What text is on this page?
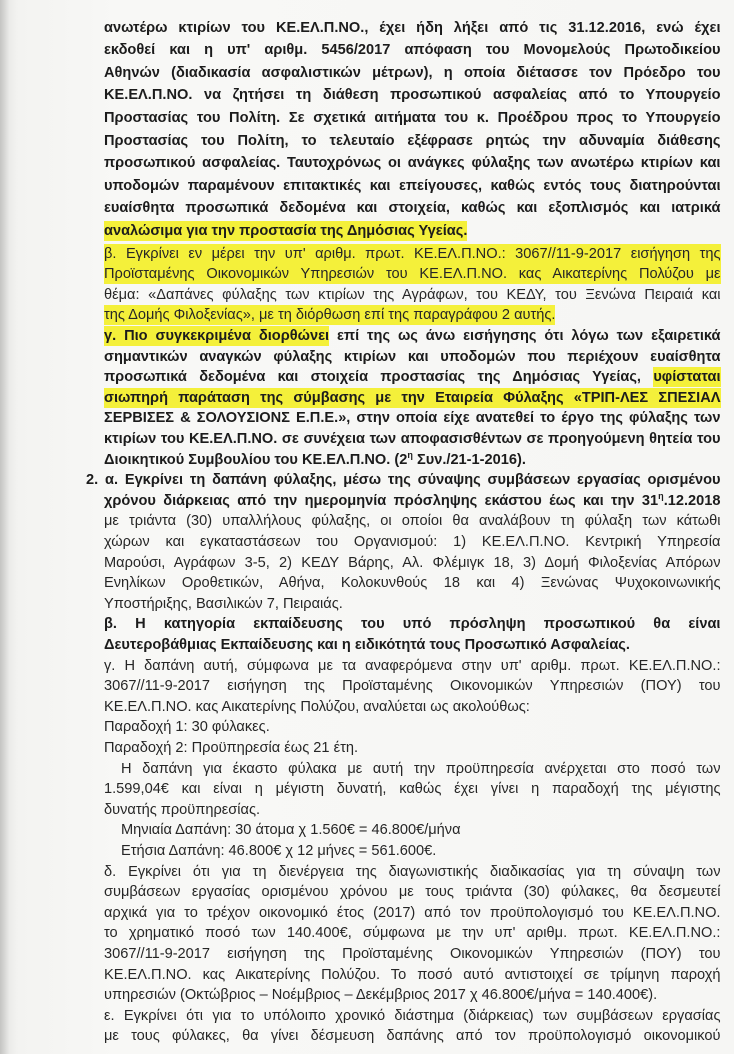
ανωτέρω κτιρίων του ΚΕ.ΕΛ.Π.ΝΟ., έχει ήδη λήξει από τις 31.12.2016, ενώ έχει
εκδοθεί και η υπ' αριθμ. 5456/2017 απόφαση του Μονομελούς Πρωτοδικείου
Αθηνών (διαδικασία ασφαλιστικών μέτρων), η οποία διέτασσε τον Πρόεδρο του
ΚΕ.ΕΛ.Π.ΝΟ. να ζητήσει τη διάθεση προσωπικού ασφαλείας από το Υπουργείο
Προστασίας του Πολίτη. Σε σχετικά αιτήματα του κ. Προέδρου προς το Υπουργείο
Προστασίας του Πολίτη, το τελευταίο εξέφρασε ρητώς την αδυναμία διάθεσης
προσωπικού ασφαλείας. Ταυτοχρόνως οι ανάγκες φύλαξης των ανωτέρω κτιρίων και
υποδομών παραμένουν επιτακτικές και επείγουσες, καθώς εντός τους διατηρούνται
ευαίσθητα προσωπικά δεδομένα και στοιχεία, καθώς και εξοπλισμός και ιατρικά
αναλώσιμα για την προστασία της Δημόσιας Υγείας.
β. Εγκρίνει εν μέρει την υπ' αριθμ. πρωτ. ΚΕ.ΕΛ.Π.ΝΟ.: 3067//11-9-2017 εισήγηση της
Προϊσταμένης Οικονομικών Υπηρεσιών του ΚΕ.ΕΛ.Π.ΝΟ. κας Αικατερίνης Πολύζου με
θέμα: «Δαπάνες φύλαξης των κτιρίων της Αγράφων, του ΚΕΔΥ, του Ξενώνα Πειραιά και
της Δομής Φιλοξενίας», με τη διόρθωση επί της παραγράφου 2 αυτής.
γ. Πιο συγκεκριμένα διορθώνει επί της ως άνω εισήγησης ότι λόγω των εξαιρετικά
σημαντικών αναγκών φύλαξης κτιρίων και υποδομών που περιέχουν ευαίσθητα
προσωπικά δεδομένα και στοιχεία προστασίας της Δημόσιας Υγείας, υφίσταται
σιωπηρή παράταση της σύμβασης με την Εταιρεία Φύλαξης «ΤΡΙΠ-ΛΕΣ ΣΠΕΣΙΑΛ
ΣΕΡΒΙΣΕΣ & ΣΟΛΟΥΣΙΟΝΣ Ε.Π.Ε.», στην οποία είχε ανατεθεί το έργο της φύλαξης των
κτιρίων του ΚΕ.ΕΛ.Π.ΝΟ. σε συνέχεια των αποφασισθέντων σε προηγούμενη θητεία του
Διοικητικού Συμβουλίου του ΚΕ.ΕΛ.Π.ΝΟ. ($2^\eta$ Συν./21-1-2016).
2. α. Εγκρίνει τη δαπάνη φύλαξης, μέσω της σύναψης συμβάσεων εργασίας ορισμένου
χρόνου διάρκειας από την ημερομηνία πρόσληψης εκάστου έως και την $31^\eta.12.2018$
με τριάντα (30) υπαλλήλους φύλαξης, οι οποίοι θα αναλάβουν τη φύλαξη των κάτωθι
χώρων και εγκαταστάσεων του Οργανισμού: 1) ΚΕ.ΕΛ.Π.ΝΟ. Κεντρική Υπηρεσία
Μαρούσι, Αγράφων 3-5, 2) ΚΕΔΥ Βάρης, Αλ. Φλέμιγκ 18, 3) Δομή Φιλοξενίας Απόρων
Ενηλίκων Οροθετικών, Αθήνα, Κολοκυνθούς 18 και 4) Ξενώνας Ψυχοκοινωνικής
Υποστήριξης, Βασιλικών 7, Πειραιάς.
β. Η κατηγορία εκπαίδευσης του υπό πρόσληψη προσωπικού θα είναι
Δευτεροβάθμιας Εκπαίδευσης και η ειδικότητά τους Προσωπικό Ασφαλείας.
γ. Η δαπάνη αυτή, σύμφωνα με τα αναφερόμενα στην υπ' αριθμ. πρωτ. ΚΕ.ΕΛ.Π.ΝΟ.:
3067//11-9-2017 εισήγηση της Προϊσταμένης Οικονομικών Υπηρεσιών (ΠΟΥ) του
ΚΕ.ΕΛ.Π.ΝΟ. κας Αικατερίνης Πολύζου, αναλύεται ως ακολούθως:
Παραδοχή 1: 30 φύλακες.
Παραδοχή 2: Προϋπηρεσία έως 21 έτη.
Η δαπάνη για έκαστο φύλακα με αυτή την προϋπηρεσία ανέρχεται στο ποσό των
1.599,04€ και είναι η μέγιστη δυνατή, καθώς έχει γίνει η παραδοχή της μέγιστης
δυνατής προϋπηρεσίας.
Μηνιαία Δαπάνη: 30 άτομα χ 1.560€ = 46.800€/μήνα
Ετήσια Δαπάνη: 46.800€ χ 12 μήνες = 561.600€.
δ. Εγκρίνει ότι για τη διενέργεια της διαγωνιστικής διαδικασίας για τη σύναψη των
συμβάσεων εργασίας ορισμένου χρόνου με τους τριάντα (30) φύλακες, θα δεσμευτεί
αρχικά για το τρέχον οικονομικό έτος (2017) από τον προϋπολογισμό του ΚΕ.ΕΛ.Π.ΝΟ.
το χρηματικό ποσό των 140.400€, σύμφωνα με την υπ' αριθμ. πρωτ. ΚΕ.ΕΛ.Π.ΝΟ.:
3067//11-9-2017 εισήγηση της Προϊσταμένης Οικονομικών Υπηρεσιών (ΠΟΥ) του
ΚΕ.ΕΛ.Π.ΝΟ. κας Αικατερίνης Πολύζου. Το ποσό αυτό αντιστοιχεί σε τρίμηνη παροχή
υπηρεσιών (Οκτώβριος – Νοέμβριος – Δεκέμβριος 2017 χ 46.800€/μήνα = 140.400€).
ε. Εγκρίνει ότι για το υπόλοιπο χρονικό διάστημα (διάρκειας) των συμβάσεων εργασίας
με τους φύλακες, θα γίνει δέσμευση δαπάνης από τον προϋπολογισμό οικονομικού
